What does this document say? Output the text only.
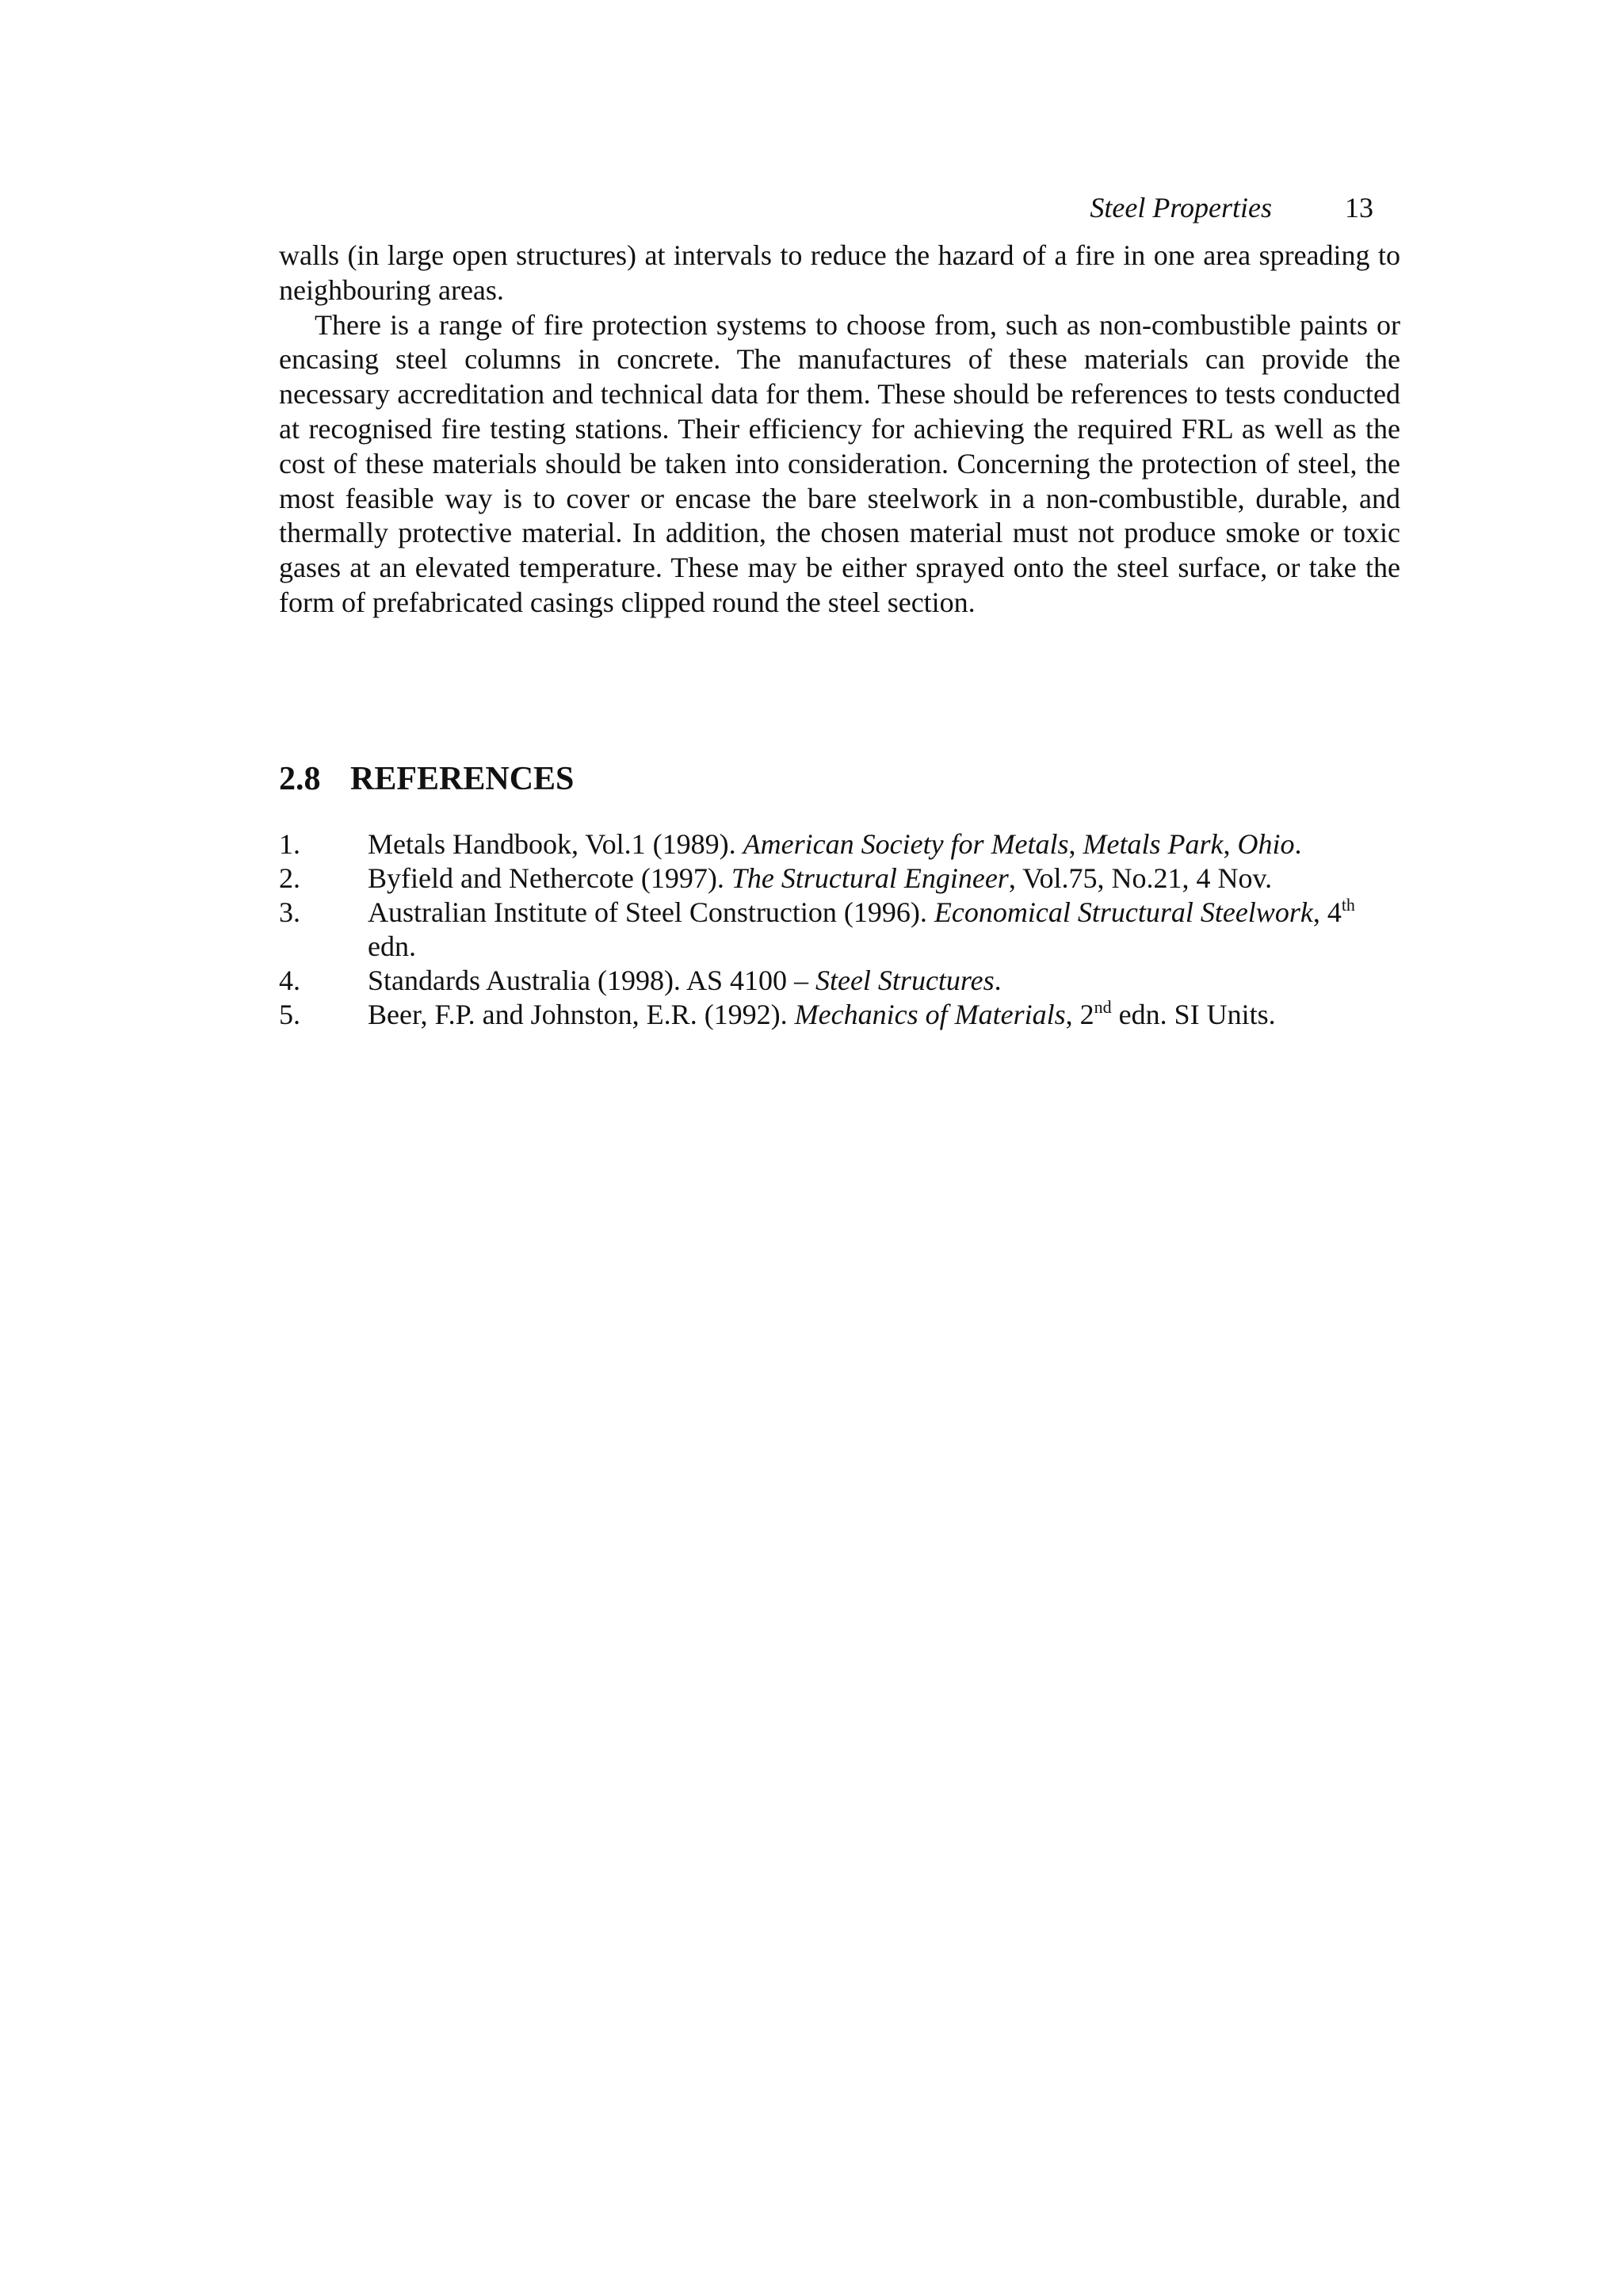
Steel Properties	13

walls (in large open structures) at intervals to reduce the hazard of a fire in one area spreading to neighbouring areas.

There is a range of fire protection systems to choose from, such as non-combustible paints or encasing steel columns in concrete. The manufactures of these materials can provide the necessary accreditation and technical data for them. These should be references to tests conducted at recognised fire testing stations. Their efficiency for achieving the required FRL as well as the cost of these materials should be taken into consideration. Concerning the protection of steel, the most feasible way is to cover or encase the bare steelwork in a non-combustible, durable, and thermally protective material. In addition, the chosen material must not produce smoke or toxic gases at an elevated temperature. These may be either sprayed onto the steel surface, or take the form of prefabricated casings clipped round the steel section.

2.8 REFERENCES
1. Metals Handbook, Vol.1 (1989). American Society for Metals, Metals Park, Ohio.
2. Byfield and Nethercote (1997). The Structural Engineer, Vol.75, No.21, 4 Nov.
3. Australian Institute of Steel Construction (1996). Economical Structural Steelwork, 4th edn.
4. Standards Australia (1998). AS 4100 – Steel Structures.
5. Beer, F.P. and Johnston, E.R. (1992). Mechanics of Materials, 2nd edn. SI Units.
